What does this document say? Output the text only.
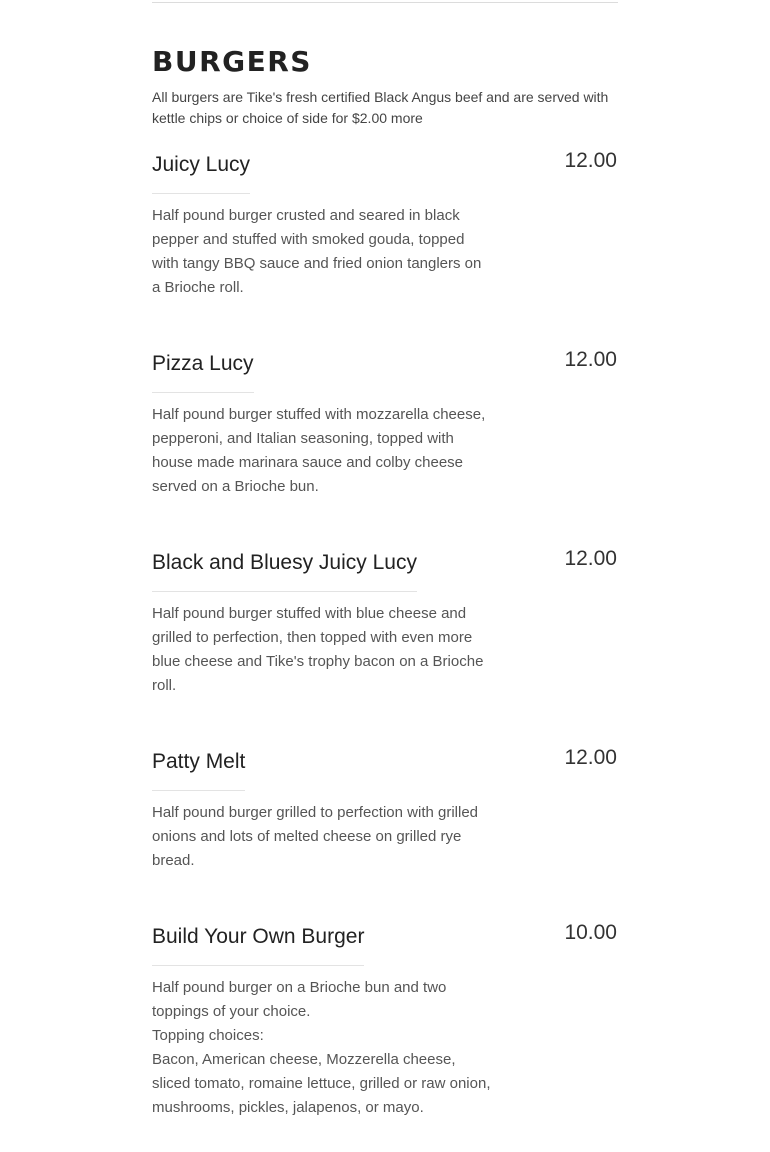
BURGERS

All burgers are Tike's fresh certified Black Angus beef and are served with kettle chips or choice of side for $2.00 more

Juicy Lucy	12.00
Half pound burger crusted and seared in black pepper and stuffed with smoked gouda, topped with tangy BBQ sauce and fried onion tanglers on a Brioche roll.
Pizza Lucy	12.00
Half pound burger stuffed with mozzarella cheese, pepperoni, and Italian seasoning, topped with house made marinara sauce and colby cheese served on a Brioche bun.
Black and Bluesy Juicy Lucy	12.00
Half pound burger stuffed with blue cheese and grilled to perfection, then topped with even more blue cheese and Tike's trophy bacon on a Brioche roll.
Patty Melt	12.00
Half pound burger grilled to perfection with grilled onions and lots of melted cheese on grilled rye bread.
Build Your Own Burger	10.00
Half pound burger on a Brioche bun and two toppings of your choice.
Topping choices:
Bacon, American cheese, Mozzerella cheese, sliced tomato, romaine lettuce, grilled or raw onion, mushrooms, pickles, jalapenos, or mayo.
